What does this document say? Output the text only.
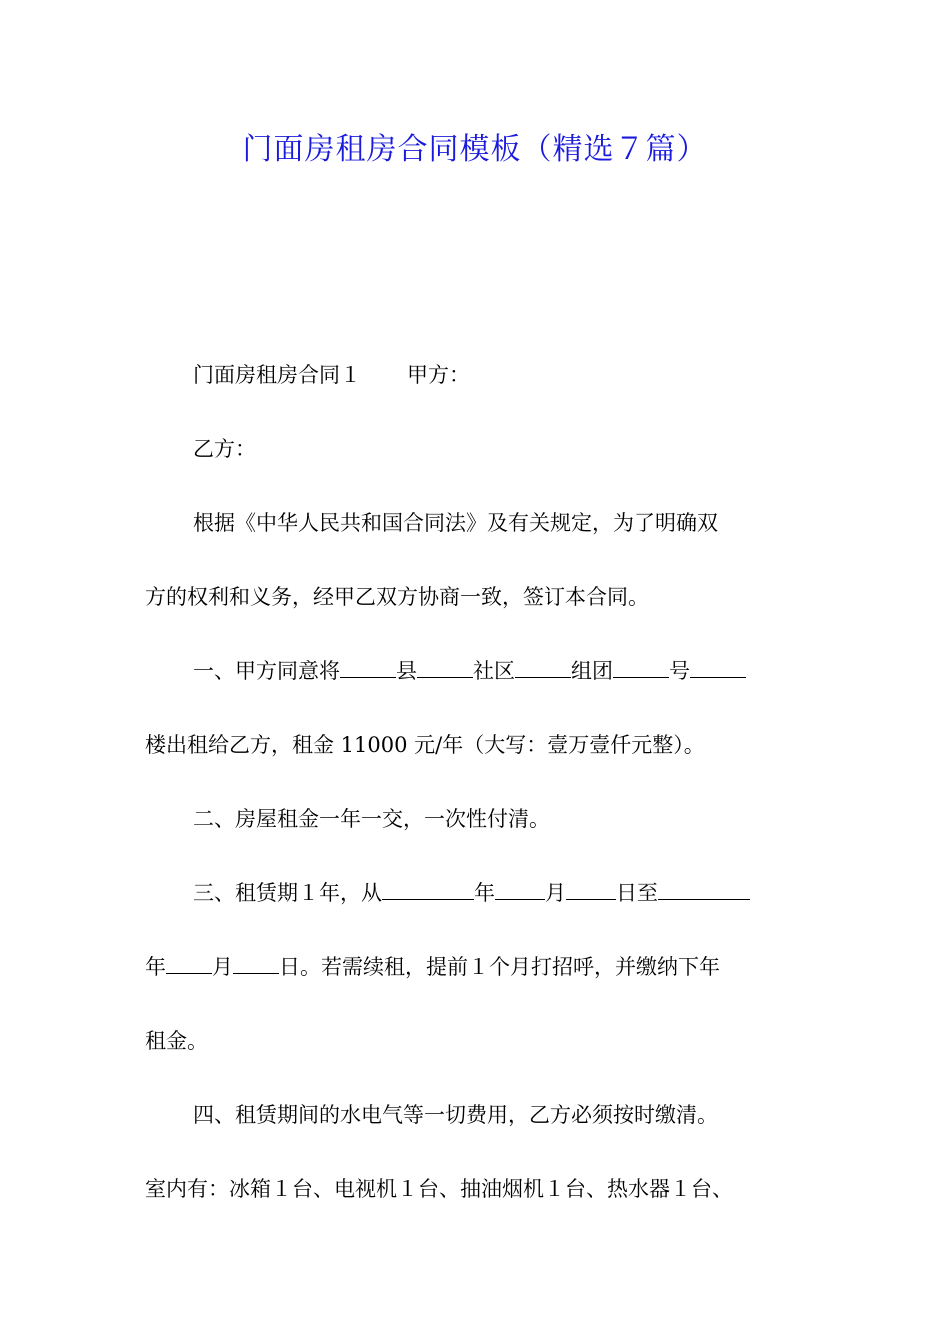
门面房租房合同模板（精选７篇）
门面房租房合同１ 甲方：
乙方：
根据《中华人民共和国合同法》及有关规定，为了明确双
方的权利和义务，经甲乙双方协商一致，签订本合同。
一、甲方同意将	县	社区	组团	号
楼出租给乙方，租金 11000 元/年（大写：壹万壹仟元整）。
二、房屋租金一年一交，一次性付清。
三、租赁期１年，从	年 月 日至
年 月 日。若需续租，提前１个月打招呼，并缴纳下年
租金。
四、租赁期间的水电气等一切费用，乙方必须按时缴清。
室内有：冰箱１台、电视机１台、抽油烟机１台、热水器１台、
